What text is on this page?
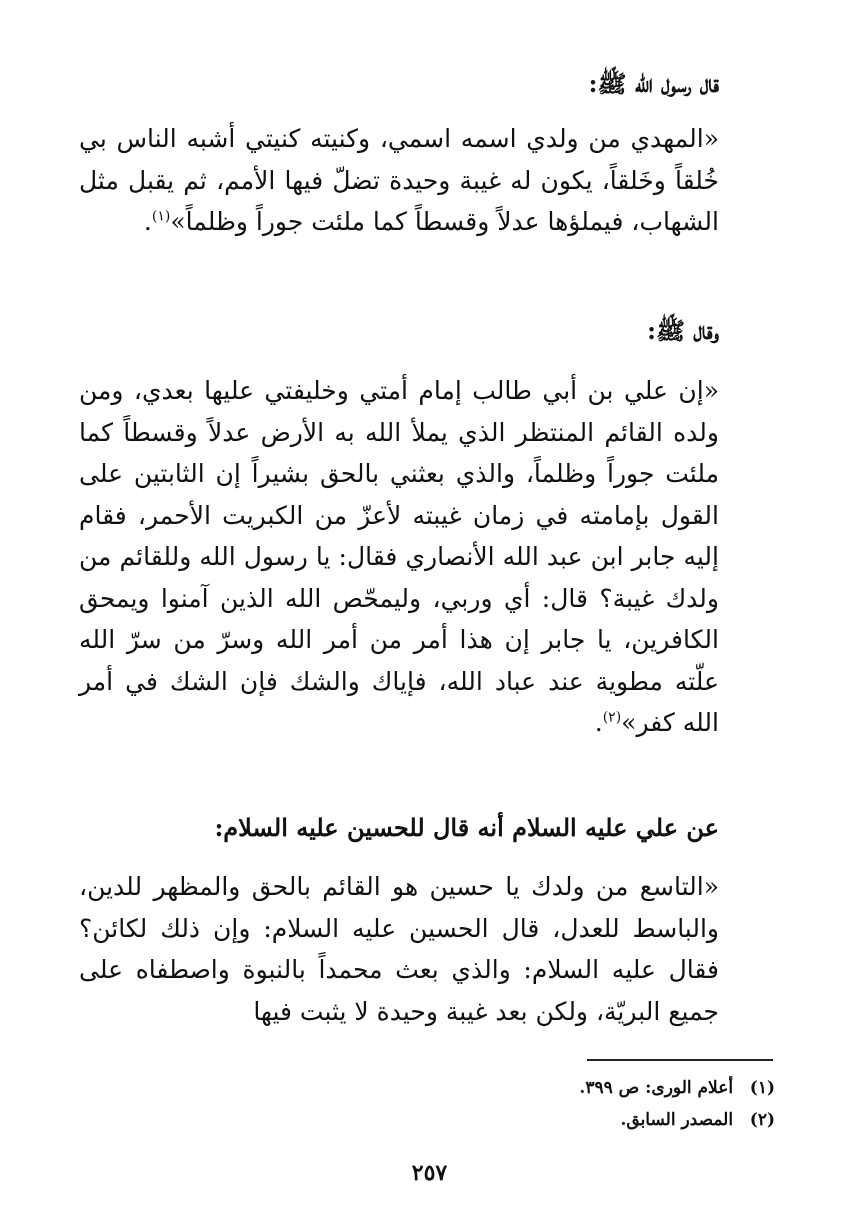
قال رسول الله ﷺ:

«المهدي من ولدي اسمه اسمي، وكنيته كنيتي أشبه الناس بي خُلقاً وخَلقاً، يكون له غيبة وحيدة تضلّ فيها الأمم، ثم يقبل مثل الشهاب، فيملؤها عدلاً وقسطاً كما ملئت جوراً وظلماً»$^{(١)}$.

وقال ﷺ:

«إن علي بن أبي طالب إمام أمتي وخليفتي عليها بعدي، ومن ولده القائم المنتظر الذي يملأ الله به الأرض عدلاً وقسطاً كما ملئت جوراً وظلماً، والذي بعثني بالحق بشيراً إن الثابتين على القول بإمامته في زمان غيبته لأعزّ من الكبريت الأحمر، فقام إليه جابر ابن عبد الله الأنصاري فقال: يا رسول الله وللقائم من ولدك غيبة؟ قال: أي وربي، وليمحّص الله الذين آمنوا ويمحق الكافرين، يا جابر إن هذا أمر من أمر الله وسرّ من سرّ الله علّته مطوية عند عباد الله، فإياك والشك فإن الشك في أمر الله كفر»$^{(٢)}$.

عن علي عليه السلام أنه قال للحسين عليه السلام:

«التاسع من ولدك يا حسين هو القائم بالحق والمظهر للدين، والباسط للعدل، قال الحسين عليه السلام: وإن ذلك لكائن؟ فقال عليه السلام: والذي بعث محمداً بالنبوة واصطفاه على جميع البريّة، ولكن بعد غيبة وحيدة لا يثبت فيها

(١) أعلام الورى: ص ٣٩٩.
(٢) المصدر السابق.
٢٥٧
